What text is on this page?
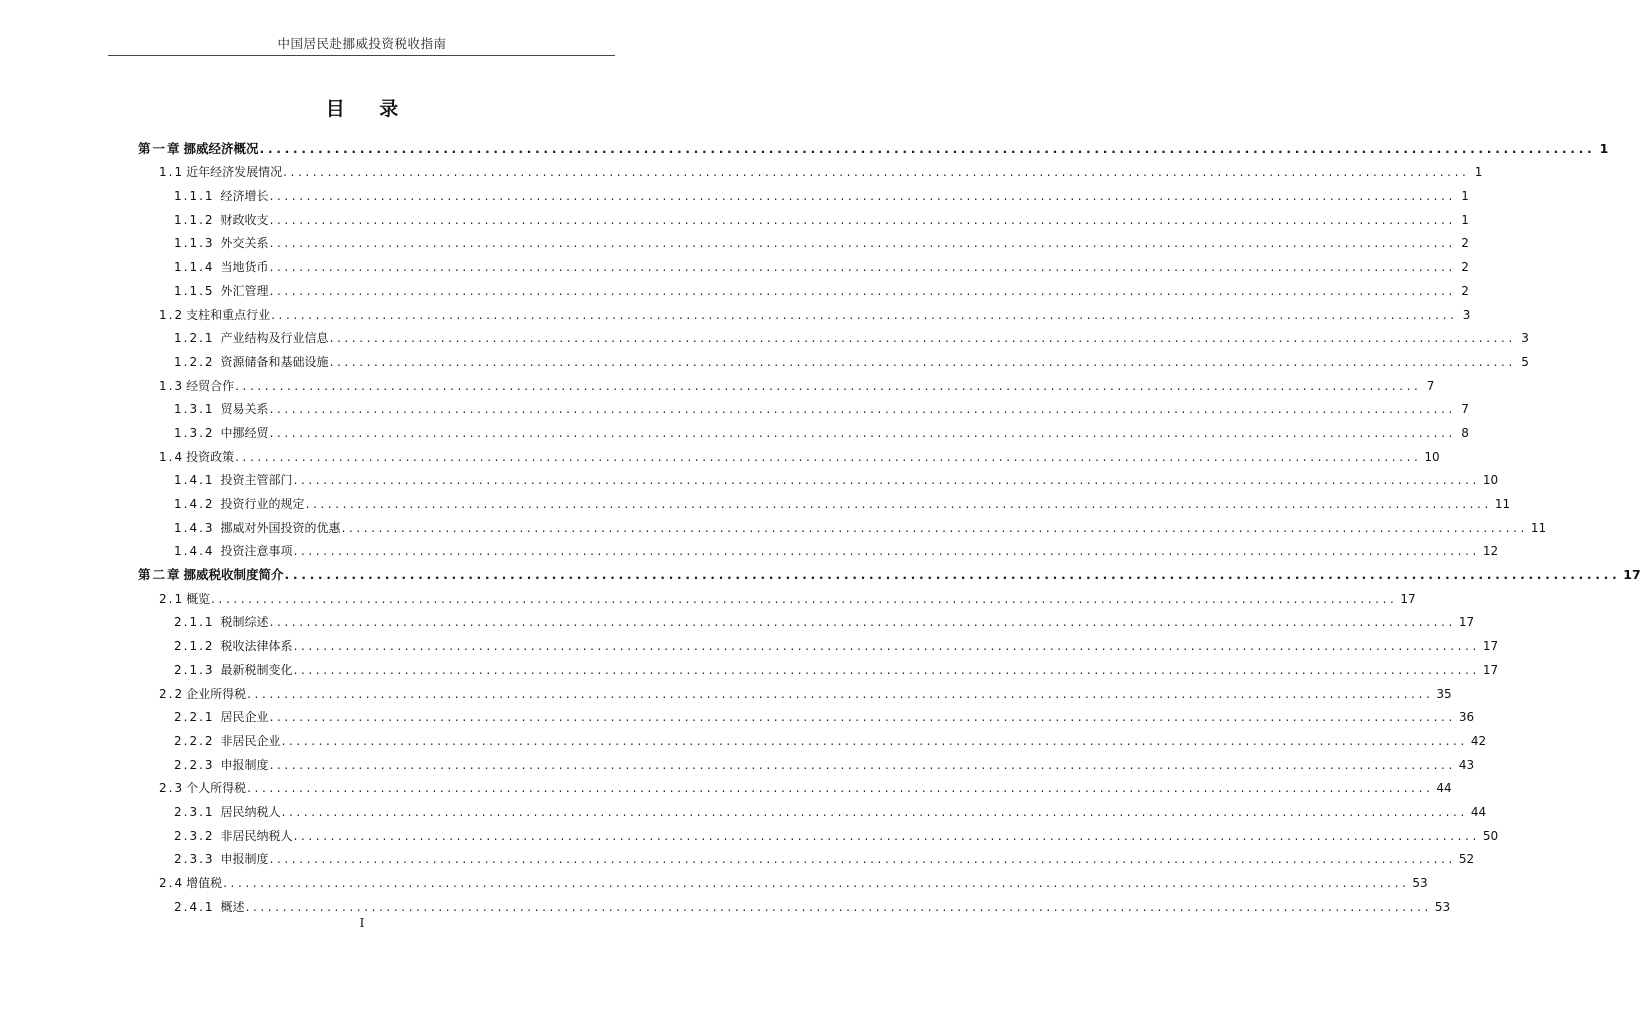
中国居民赴挪威投资税收指南
目 录
第一章 挪威经济概况 ................................................................................................................................................................ 1
1.1 近年经济发展情况 ................................................................................................................................................................ 1
1.1.1 经济增长 ................................................................................................................................................................ 1
1.1.2 财政收支 ................................................................................................................................................................ 1
1.1.3 外交关系 ................................................................................................................................................................ 2
1.1.4 当地货币 ................................................................................................................................................................ 2
1.1.5 外汇管理 ................................................................................................................................................................ 2
1.2 支柱和重点行业 ................................................................................................................................................................ 3
1.2.1 产业结构及行业信息 ................................................................................................................................................................ 3
1.2.2 资源储备和基础设施 ................................................................................................................................................................ 5
1.3 经贸合作 ................................................................................................................................................................ 7
1.3.1 贸易关系 ................................................................................................................................................................ 7
1.3.2 中挪经贸 ................................................................................................................................................................ 8
1.4 投资政策 ................................................................................................................................................................ 10
1.4.1 投资主管部门 ................................................................................................................................................................ 10
1.4.2 投资行业的规定 ................................................................................................................................................................ 11
1.4.3 挪威对外国投资的优惠 ................................................................................................................................................................ 11
1.4.4 投资注意事项 ................................................................................................................................................................ 12
第二章 挪威税收制度简介 ................................................................................................................................................................ 17
2.1 概览 ................................................................................................................................................................ 17
2.1.1 税制综述 ................................................................................................................................................................ 17
2.1.2 税收法律体系 ................................................................................................................................................................ 17
2.1.3 最新税制变化 ................................................................................................................................................................ 17
2.2 企业所得税 ................................................................................................................................................................ 35
2.2.1 居民企业 ................................................................................................................................................................ 36
2.2.2 非居民企业 ................................................................................................................................................................ 42
2.2.3 申报制度 ................................................................................................................................................................ 43
2.3 个人所得税 ................................................................................................................................................................ 44
2.3.1 居民纳税人 ................................................................................................................................................................ 44
2.3.2 非居民纳税人 ................................................................................................................................................................ 50
2.3.3 申报制度 ................................................................................................................................................................ 52
2.4 增值税 ................................................................................................................................................................ 53
2.4.1 概述 ................................................................................................................................................................ 53
I
